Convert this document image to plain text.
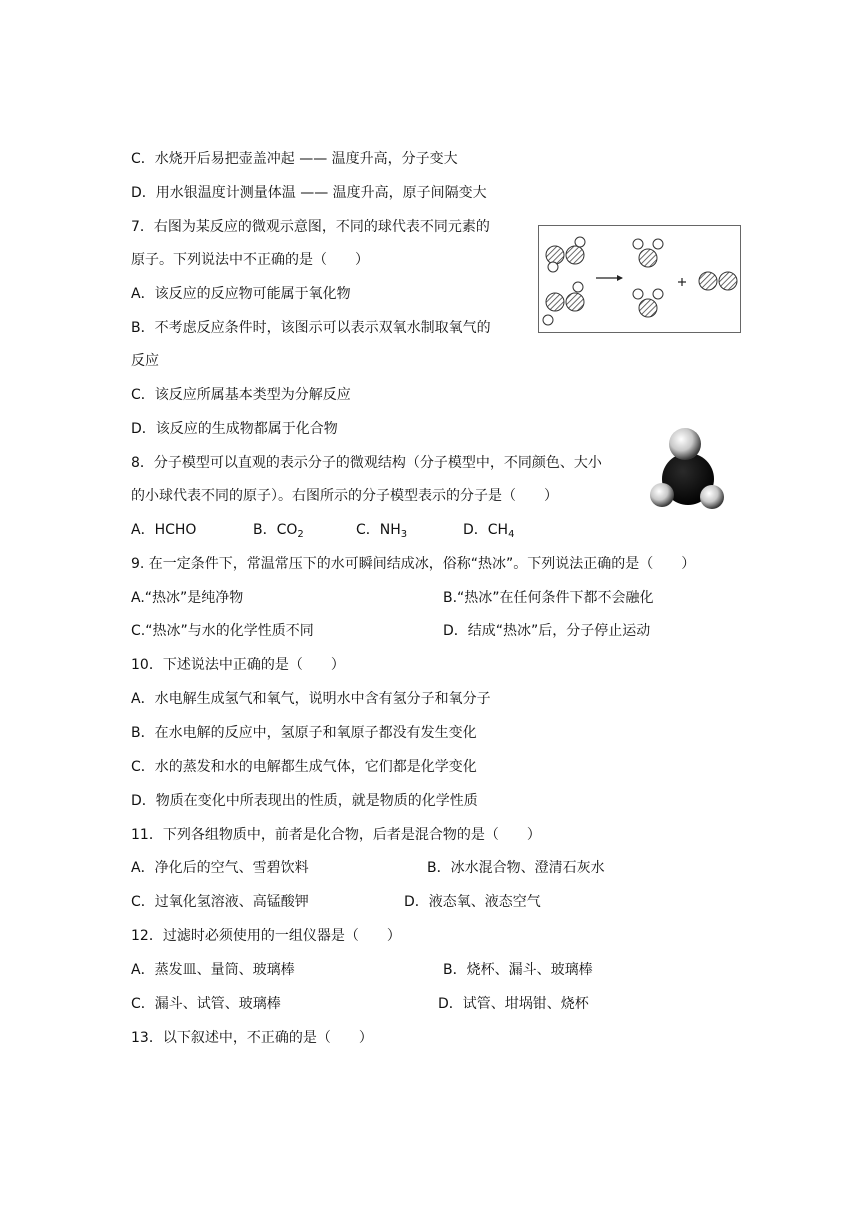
C．水烧开后易把壶盖冲起 —— 温度升高，分子变大
D．用水银温度计测量体温 —— 温度升高，原子间隔变大
7．右图为某反应的微观示意图，不同的球代表不同元素的
原子。下列说法中不正确的是（　　）
A．该反应的反应物可能属于氧化物
B．不考虑反应条件时，该图示可以表示双氧水制取氧气的
反应
C．该反应所属基本类型为分解反应
D．该反应的生成物都属于化合物
8．分子模型可以直观的表示分子的微观结构（分子模型中，不同颜色、大小
的小球代表不同的原子）。右图所示的分子模型表示的分子是（　　）
A．HCHO	B．$CO_2$	C．$NH_3$	D．$CH_4$
9. 在一定条件下，常温常压下的水可瞬间结成冰，俗称“热冰”。下列说法正确的是（　　）
A.“热冰”是纯净物	B.“热冰”在任何条件下都不会融化
C.“热冰”与水的化学性质不同	D．结成“热冰”后，分子停止运动
10．下述说法中正确的是（　　）
A．水电解生成氢气和氧气，说明水中含有氢分子和氧分子
B．在水电解的反应中，氢原子和氧原子都没有发生变化
C．水的蒸发和水的电解都生成气体，它们都是化学变化
D．物质在变化中所表现出的性质，就是物质的化学性质
11．下列各组物质中，前者是化合物，后者是混合物的是（　　）
A．净化后的空气、雪碧饮料	B．冰水混合物、澄清石灰水
C．过氧化氢溶液、高锰酸钾	D．液态氧、液态空气
12．过滤时必须使用的一组仪器是（　　）
A．蒸发皿、量筒、玻璃棒	B．烧杯、漏斗、玻璃棒
C．漏斗、试管、玻璃棒	D．试管、坩埚钳、烧杯
13．以下叙述中，不正确的是（　　）
